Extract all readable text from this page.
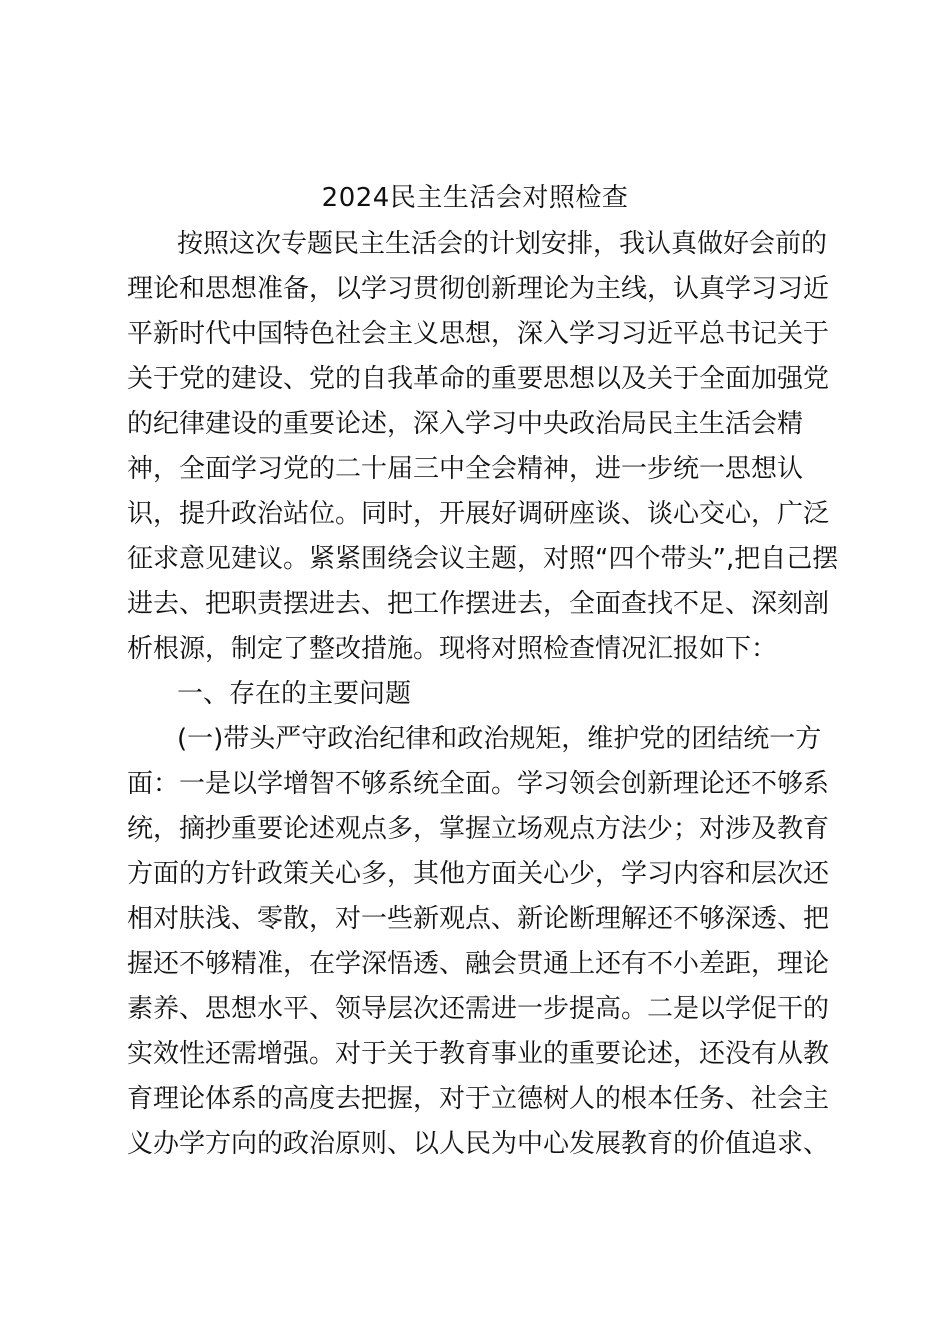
2024民主生活会对照检查
按照这次专题民主生活会的计划安排，我认真做好会前的
理论和思想准备，以学习贯彻创新理论为主线，认真学习习近
平新时代中国特色社会主义思想，深入学习习近平总书记关于
关于党的建设、党的自我革命的重要思想以及关于全面加强党
的纪律建设的重要论述，深入学习中央政治局民主生活会精
神，全面学习党的二十届三中全会精神，进一步统一思想认
识，提升政治站位。同时，开展好调研座谈、谈心交心，广泛
征求意见建议。紧紧围绕会议主题，对照“四个带头”,把自己摆
进去、把职责摆进去、把工作摆进去，全面查找不足、深刻剖
析根源，制定了整改措施。现将对照检查情况汇报如下：
一、存在的主要问题
(一)带头严守政治纪律和政治规矩，维护党的团结统一方
面：一是以学增智不够系统全面。学习领会创新理论还不够系
统，摘抄重要论述观点多，掌握立场观点方法少；对涉及教育
方面的方针政策关心多，其他方面关心少，学习内容和层次还
相对肤浅、零散，对一些新观点、新论断理解还不够深透、把
握还不够精准，在学深悟透、融会贯通上还有不小差距，理论
素养、思想水平、领导层次还需进一步提高。二是以学促干的
实效性还需增强。对于关于教育事业的重要论述，还没有从教
育理论体系的高度去把握，对于立德树人的根本任务、社会主
义办学方向的政治原则、以人民为中心发展教育的价值追求、
